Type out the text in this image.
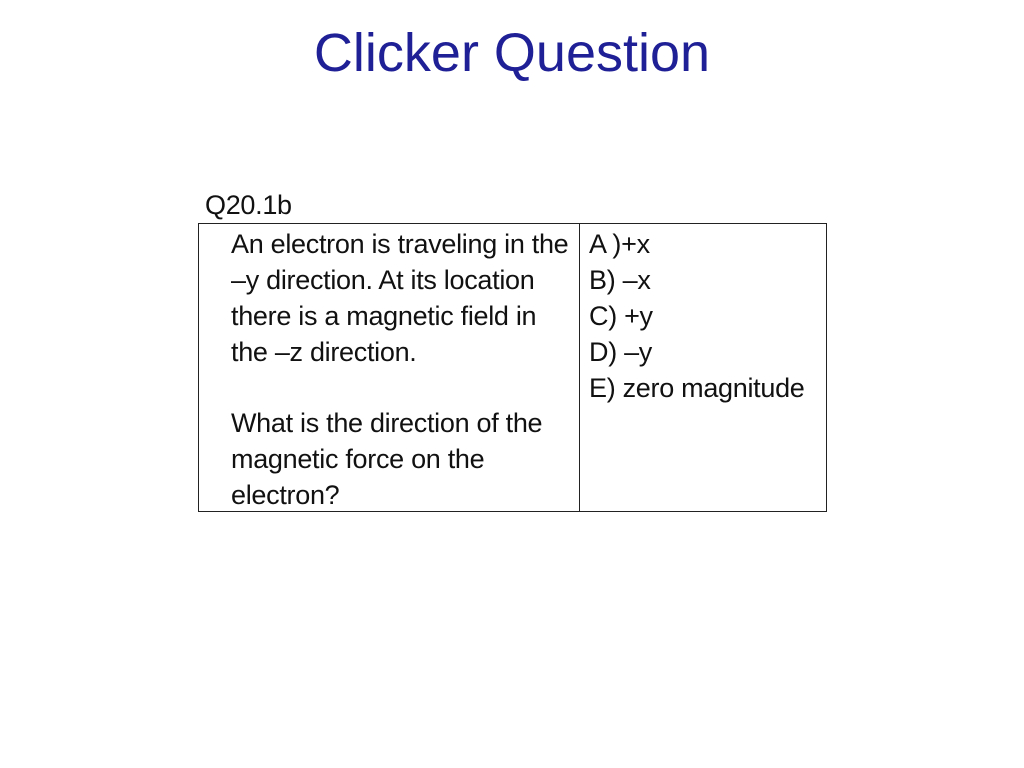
Clicker Question
Q20.1b

An electron is traveling in the
–y direction. At its location
there is a magnetic field in
the –z direction.

What is the direction of the
magnetic force on the
electron?

A )+x
B) –x
C) +y
D) –y
E) zero magnitude
